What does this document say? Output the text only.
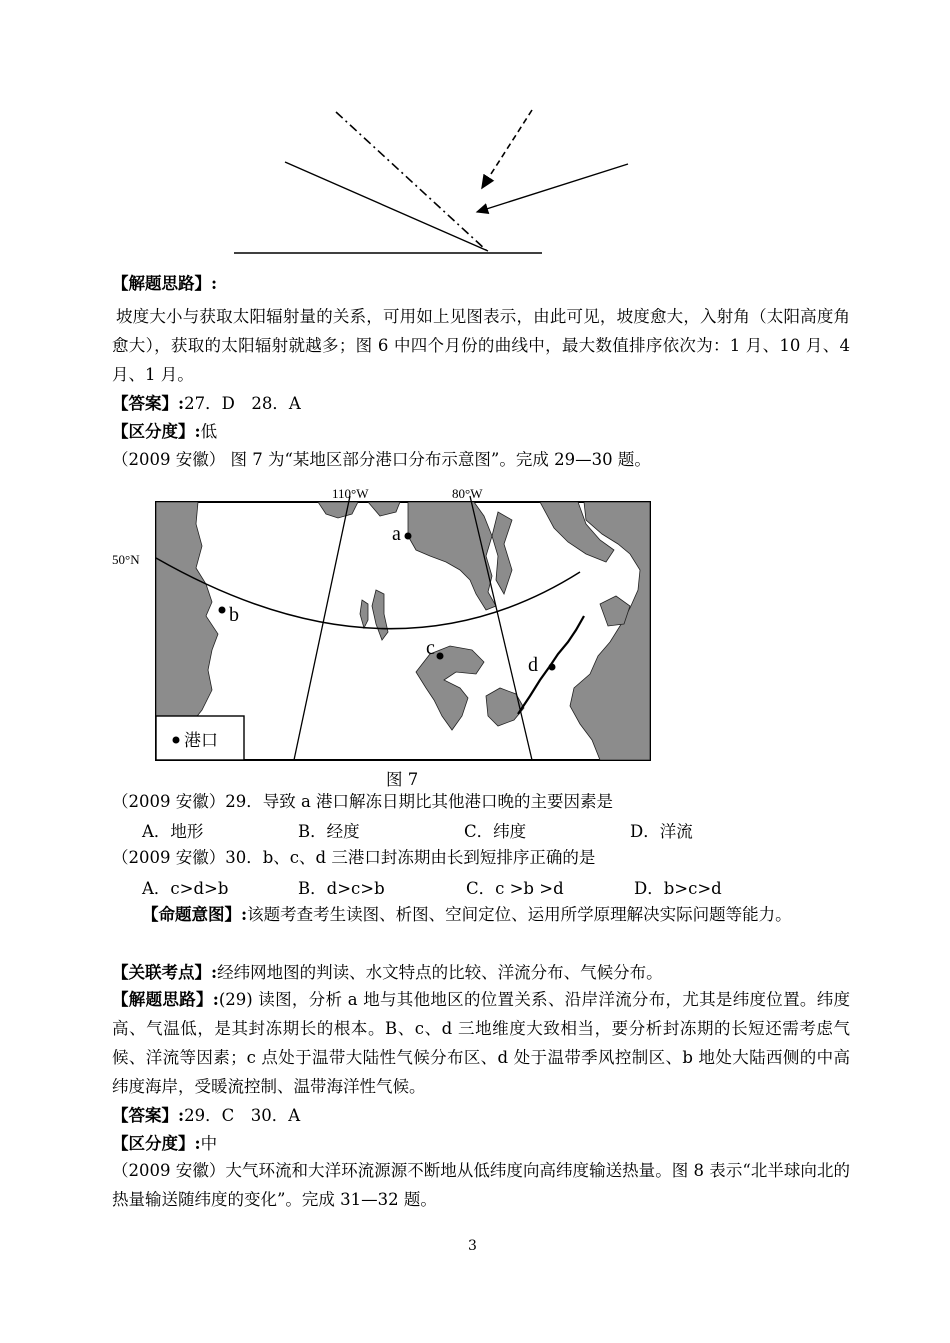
【解题思路】:
坡度大小与获取太阳辐射量的关系，可用如上见图表示，由此可见，坡度愈大，入射角（太阳高度角愈大），获取的太阳辐射就越多；图 6 中四个月份的曲线中，最大数值排序依次为：1 月、10 月、4 月、1 月。
【答案】:27．D　28．A
【区分度】:低
（2009 安徽） 图 7 为“某地区部分港口分布示意图”。完成 29—30 题。
110°W	80°W
50°N
a
b
c
d
港口
图 7
（2009 安徽）29．导致 a 港口解冻日期比其他港口晚的主要因素是
A．地形	B．经度	C．纬度	D．洋流
（2009 安徽）30．b、c、d 三港口封冻期由长到短排序正确的是
A．c>d>b	B．d>c>b	C．c >b >d	D．b>c>d
【命题意图】:该题考查考生读图、析图、空间定位、运用所学原理解决实际问题等能力。
【关联考点】:经纬网地图的判读、水文特点的比较、洋流分布、气候分布。
【解题思路】:(29) 读图，分析 a 地与其他地区的位置关系、沿岸洋流分布，尤其是纬度位置。纬度高、气温低，是其封冻期长的根本。B、c、d 三地维度大致相当，要分析封冻期的长短还需考虑气候、洋流等因素；c 点处于温带大陆性气候分布区、d 处于温带季风控制区、b 地处大陆西侧的中高纬度海岸，受暖流控制、温带海洋性气候。
【答案】:29．C　30．A
【区分度】:中
（2009 安徽）大气环流和大洋环流源源不断地从低纬度向高纬度输送热量。图 8 表示“北半球向北的热量输送随纬度的变化”。完成 31—32 题。
3
